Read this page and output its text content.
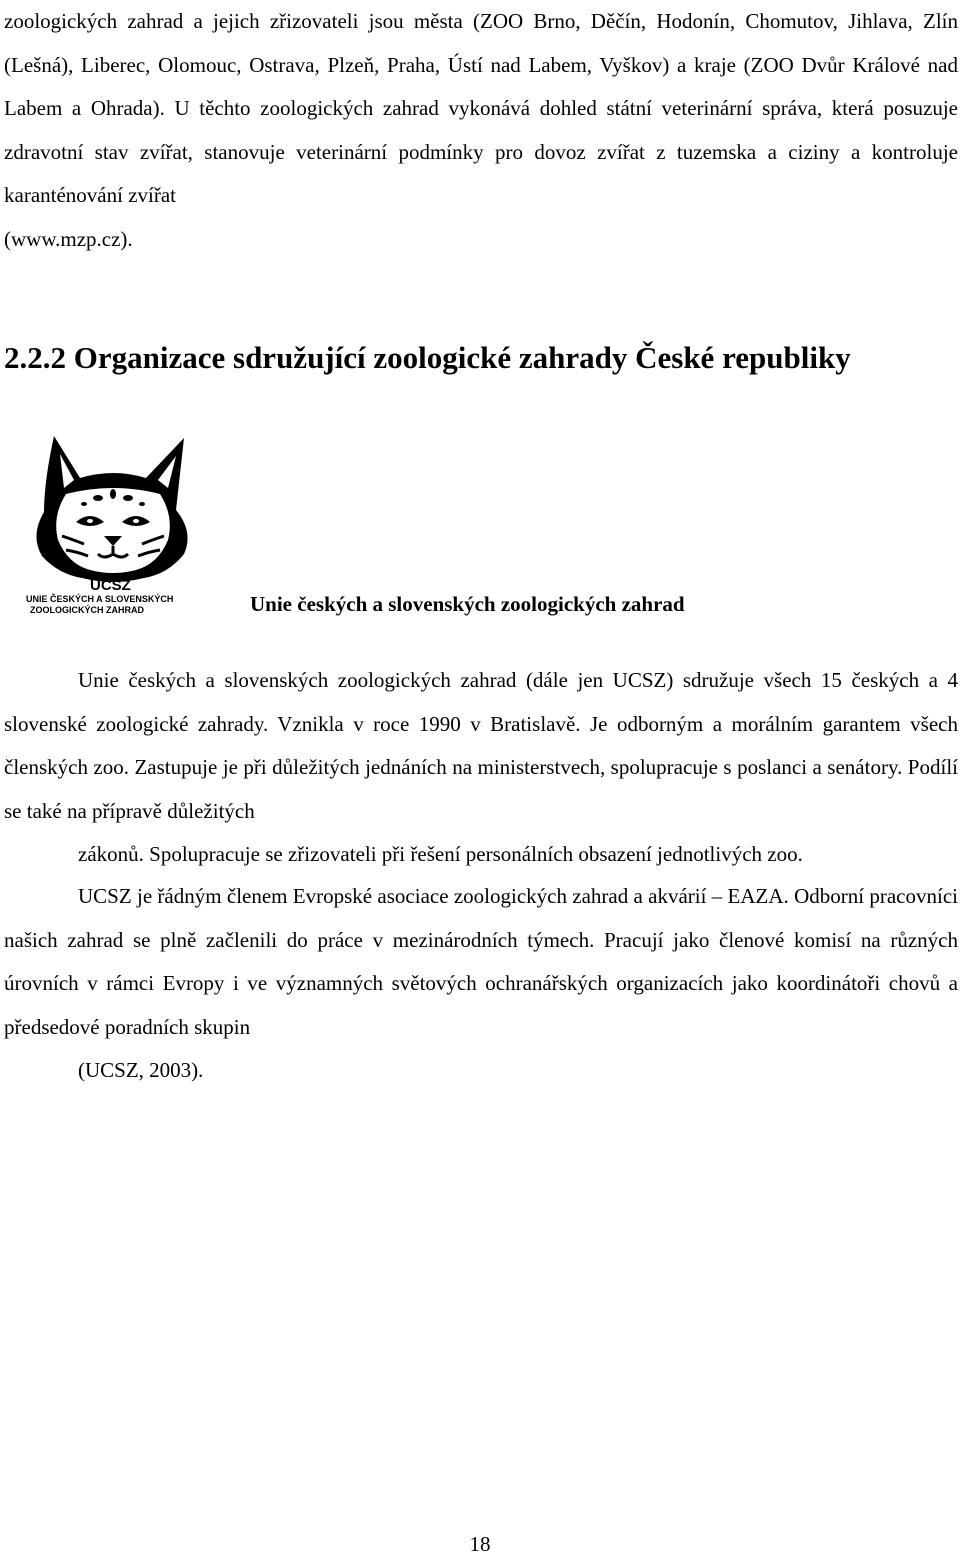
zoologických zahrad a jejich zřizovateli jsou města (ZOO Brno, Děčín, Hodonín, Chomutov, Jihlava, Zlín (Lešná), Liberec, Olomouc, Ostrava, Plzeň, Praha, Ústí nad Labem, Vyškov) a kraje (ZOO Dvůr Králové nad Labem a Ohrada). U těchto zoologických zahrad vykonává dohled státní veterinární správa, která posuzuje zdravotní stav zvířat, stanovuje veterinární podmínky pro dovoz zvířat z tuzemska a ciziny a kontroluje karanténování zvířat
(www.mzp.cz).

2.2.2 Organizace sdružující zoologické zahrady České republiky
UCSZ
UNIE ČESKÝCH A SLOVENSKÝCH
ZOOLOGICKÝCH ZAHRAD	Unie českých a slovenských zoologických zahrad

Unie českých a slovenských zoologických zahrad (dále jen UCSZ) sdružuje všech 15 českých a 4 slovenské zoologické zahrady. Vznikla v roce 1990 v Bratislavě. Je odborným a morálním garantem všech členských zoo. Zastupuje je při důležitých jednáních na ministerstvech, spolupracuje s poslanci a senátory. Podílí se také na přípravě důležitých
zákonů. Spolupracuje se zřizovateli při řešení personálních obsazení jednotlivých zoo.

UCSZ je řádným členem Evropské asociace zoologických zahrad a akvárií – EAZA. Odborní pracovníci našich zahrad se plně začlenili do práce v mezinárodních týmech. Pracují jako členové komisí na různých úrovních v rámci Evropy i ve významných světových ochranářských organizacích jako koordinátoři chovů a předsedové poradních skupin
(UCSZ, 2003).

18
